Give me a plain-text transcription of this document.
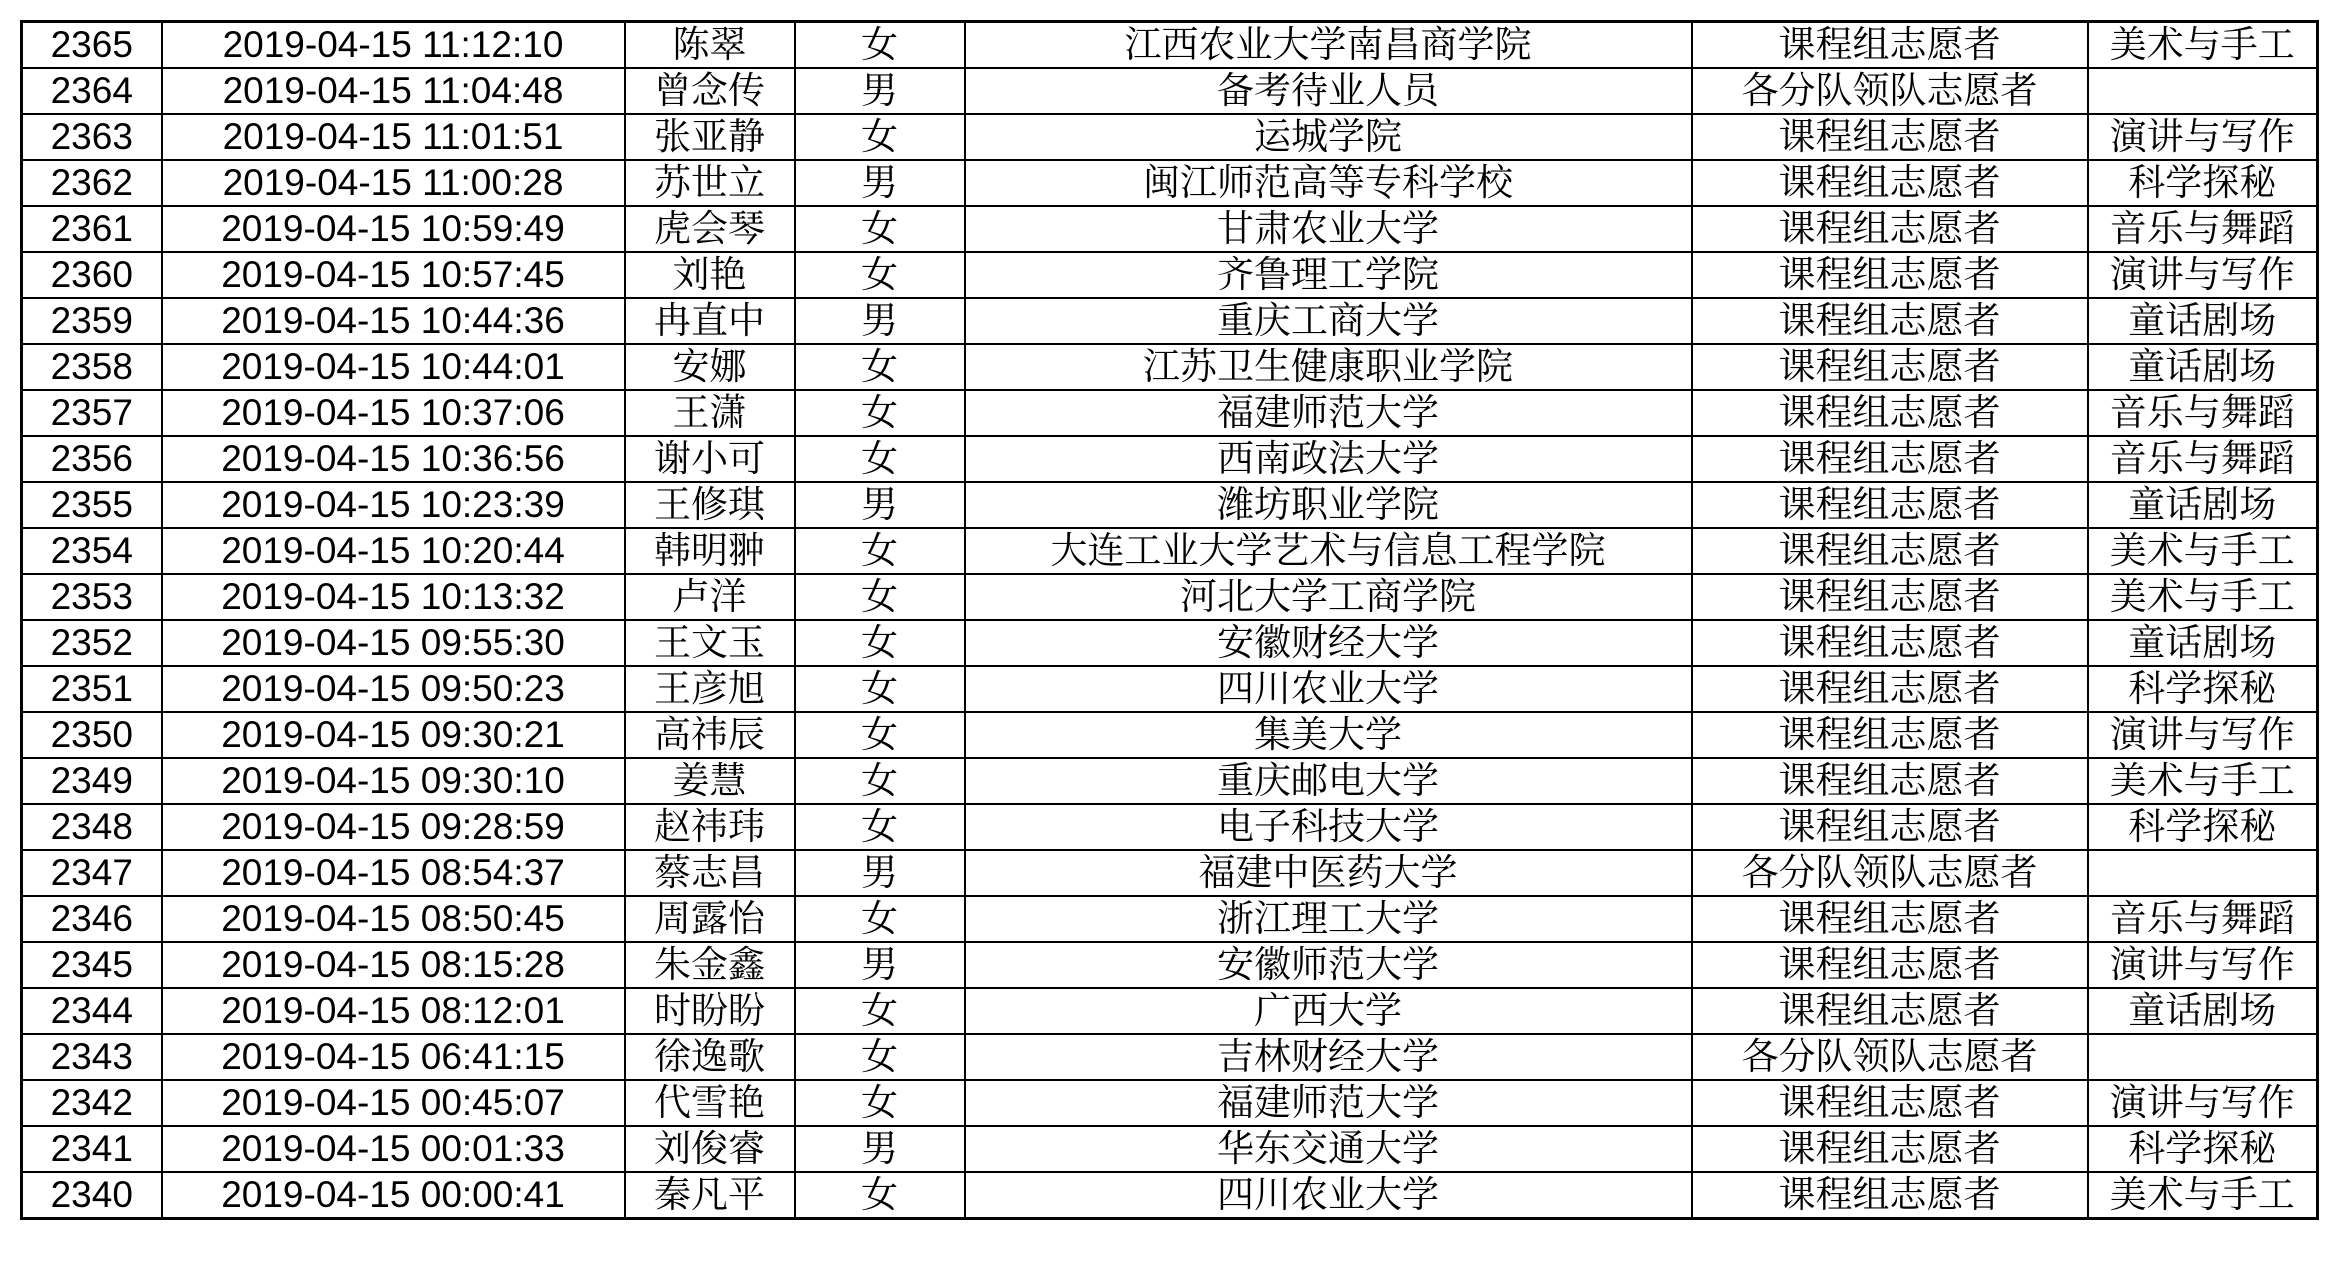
2365	2019-04-15 11:12:10	陈翠	女	江西农业大学南昌商学院	课程组志愿者	美术与手工
2364	2019-04-15 11:04:48	曾念传	男	备考待业人员	各分队领队志愿者	
2363	2019-04-15 11:01:51	张亚静	女	运城学院	课程组志愿者	演讲与写作
2362	2019-04-15 11:00:28	苏世立	男	闽江师范高等专科学校	课程组志愿者	科学探秘
2361	2019-04-15 10:59:49	虎会琴	女	甘肃农业大学	课程组志愿者	音乐与舞蹈
2360	2019-04-15 10:57:45	刘艳	女	齐鲁理工学院	课程组志愿者	演讲与写作
2359	2019-04-15 10:44:36	冉直中	男	重庆工商大学	课程组志愿者	童话剧场
2358	2019-04-15 10:44:01	安娜	女	江苏卫生健康职业学院	课程组志愿者	童话剧场
2357	2019-04-15 10:37:06	王潇	女	福建师范大学	课程组志愿者	音乐与舞蹈
2356	2019-04-15 10:36:56	谢小可	女	西南政法大学	课程组志愿者	音乐与舞蹈
2355	2019-04-15 10:23:39	王修琪	男	潍坊职业学院	课程组志愿者	童话剧场
2354	2019-04-15 10:20:44	韩明翀	女	大连工业大学艺术与信息工程学院	课程组志愿者	美术与手工
2353	2019-04-15 10:13:32	卢洋	女	河北大学工商学院	课程组志愿者	美术与手工
2352	2019-04-15 09:55:30	王文玉	女	安徽财经大学	课程组志愿者	童话剧场
2351	2019-04-15 09:50:23	王彦旭	女	四川农业大学	课程组志愿者	科学探秘
2350	2019-04-15 09:30:21	高祎辰	女	集美大学	课程组志愿者	演讲与写作
2349	2019-04-15 09:30:10	姜慧	女	重庆邮电大学	课程组志愿者	美术与手工
2348	2019-04-15 09:28:59	赵祎玮	女	电子科技大学	课程组志愿者	科学探秘
2347	2019-04-15 08:54:37	蔡志昌	男	福建中医药大学	各分队领队志愿者	
2346	2019-04-15 08:50:45	周露怡	女	浙江理工大学	课程组志愿者	音乐与舞蹈
2345	2019-04-15 08:15:28	朱金鑫	男	安徽师范大学	课程组志愿者	演讲与写作
2344	2019-04-15 08:12:01	时盼盼	女	广西大学	课程组志愿者	童话剧场
2343	2019-04-15 06:41:15	徐逸歌	女	吉林财经大学	各分队领队志愿者	
2342	2019-04-15 00:45:07	代雪艳	女	福建师范大学	课程组志愿者	演讲与写作
2341	2019-04-15 00:01:33	刘俊睿	男	华东交通大学	课程组志愿者	科学探秘
2340	2019-04-15 00:00:41	秦凡平	女	四川农业大学	课程组志愿者	美术与手工
